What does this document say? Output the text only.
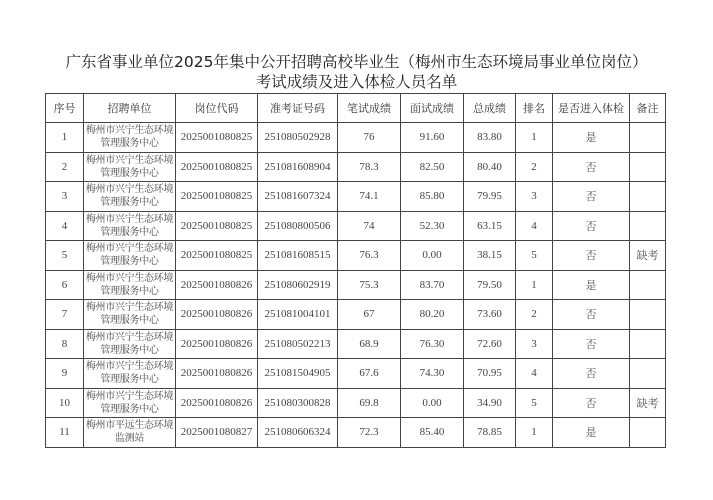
广东省事业单位2025年集中公开招聘高校毕业生（梅州市生态环境局事业单位岗位）
考试成绩及进入体检人员名单
序号	招聘单位	岗位代码	准考证号码	笔试成绩	面试成绩	总成绩	排名	是否进入体检	备注
1	梅州市兴宁生态环境管理服务中心	2025001080825	251080502928	76	91.60	83.80	1	是	
2	梅州市兴宁生态环境管理服务中心	2025001080825	251081608904	78.3	82.50	80.40	2	否	
3	梅州市兴宁生态环境管理服务中心	2025001080825	251081607324	74.1	85.80	79.95	3	否	
4	梅州市兴宁生态环境管理服务中心	2025001080825	251080800506	74	52.30	63.15	4	否	
5	梅州市兴宁生态环境管理服务中心	2025001080825	251081608515	76.3	0.00	38.15	5	否	缺考
6	梅州市兴宁生态环境管理服务中心	2025001080826	251080602919	75.3	83.70	79.50	1	是	
7	梅州市兴宁生态环境管理服务中心	2025001080826	251081004101	67	80.20	73.60	2	否	
8	梅州市兴宁生态环境管理服务中心	2025001080826	251080502213	68.9	76.30	72.60	3	否	
9	梅州市兴宁生态环境管理服务中心	2025001080826	251081504905	67.6	74.30	70.95	4	否	
10	梅州市兴宁生态环境管理服务中心	2025001080826	251080300828	69.8	0.00	34.90	5	否	缺考
11	梅州市平远生态环境监测站	2025001080827	251080606324	72.3	85.40	78.85	1	是	
